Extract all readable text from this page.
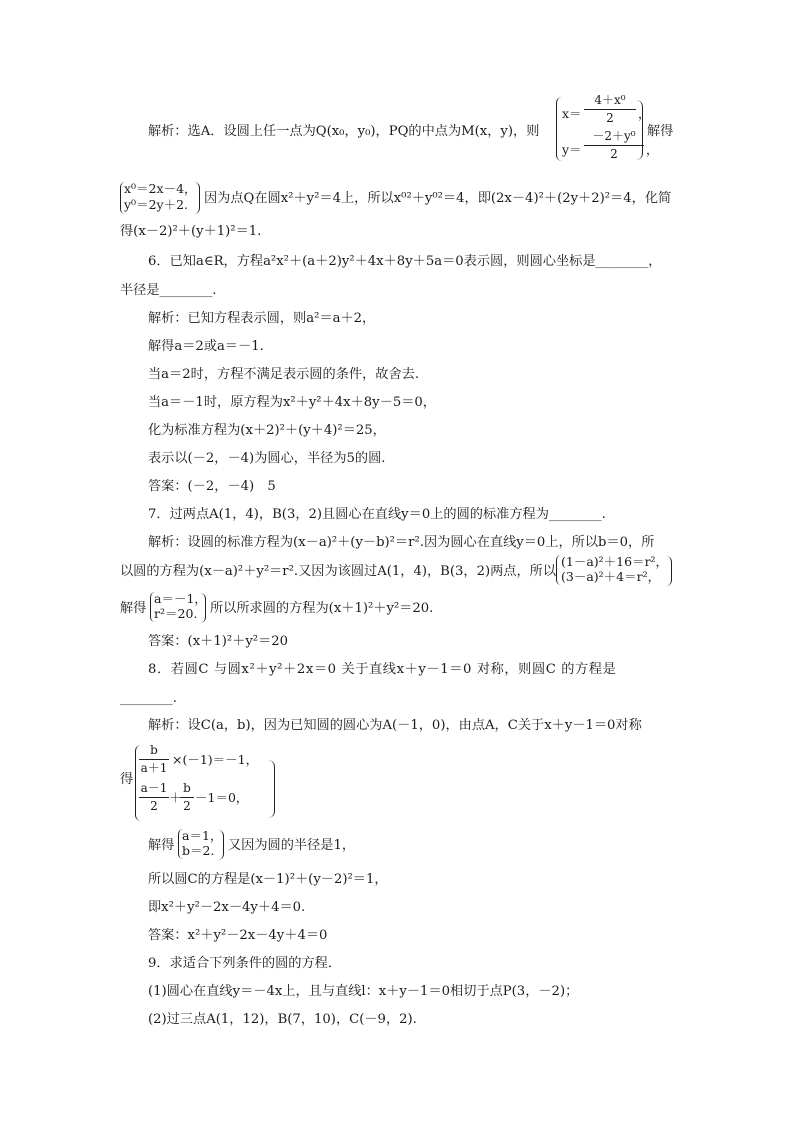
解析：选A．设圆上任一点为Q(x₀，y₀)，PQ的中点为M(x，y)，则
x＝
4＋x⁰
2	，
y＝
－2＋y⁰
2	，
解得
x⁰＝2x－4，
y⁰＝2y＋2. 因为点Q在圆x²＋y²＝4上，所以x⁰²＋y⁰²＝4，即(2x－4)²＋(2y＋2)²＝4，化简
得(x－2)²＋(y＋1)²＝1.
6．已知a∈R，方程a²x²＋(a＋2)y²＋4x＋8y＋5a＝0表示圆，则圆心坐标是________，
半径是________.
解析：已知方程表示圆，则a²＝a＋2，
解得a＝2或a＝－1.
当a＝2时，方程不满足表示圆的条件，故舍去.
当a＝－1时，原方程为x²＋y²＋4x＋8y－5＝0，
化为标准方程为(x＋2)²＋(y＋4)²＝25，
表示以(－2，－4)为圆心，半径为5的圆.
答案：(－2，－4)　5
7．过两点A(1，4)，B(3，2)且圆心在直线y＝0上的圆的标准方程为________.
解析：设圆的标准方程为(x－a)²＋(y－b)²＝r².因为圆心在直线y＝0上，所以b＝0，所
以圆的方程为(x－a)²＋y²＝r².又因为该圆过A(1，4)，B(3，2)两点，所以
(1－a)²＋16＝r²，
(3－a)²＋4＝r²，
解得
a＝－1，
r²＝20. 所以所求圆的方程为(x＋1)²＋y²＝20.
答案：(x＋1)²＋y²＝20
8．若圆C 与圆x²＋y²＋2x＝0 关于直线x＋y－1＝0 对称，则圆C 的方程是
________.
解析：设C(a，b)，因为已知圆的圆心为A(－1，0)，由点A，C关于x＋y－1＝0对称
得
b
a＋1
×(－1)＝－1，
a－1
2
＋
b
2
－1＝0，
解得
a＝1，
b＝2. 又因为圆的半径是1，
所以圆C的方程是(x－1)²＋(y－2)²＝1，
即x²＋y²－2x－4y＋4＝0.
答案：x²＋y²－2x－4y＋4＝0
9．求适合下列条件的圆的方程．
(1)圆心在直线y＝－4x上，且与直线l：x＋y－1＝0相切于点P(3，－2)；
(2)过三点A(1，12)，B(7，10)，C(－9，2).
